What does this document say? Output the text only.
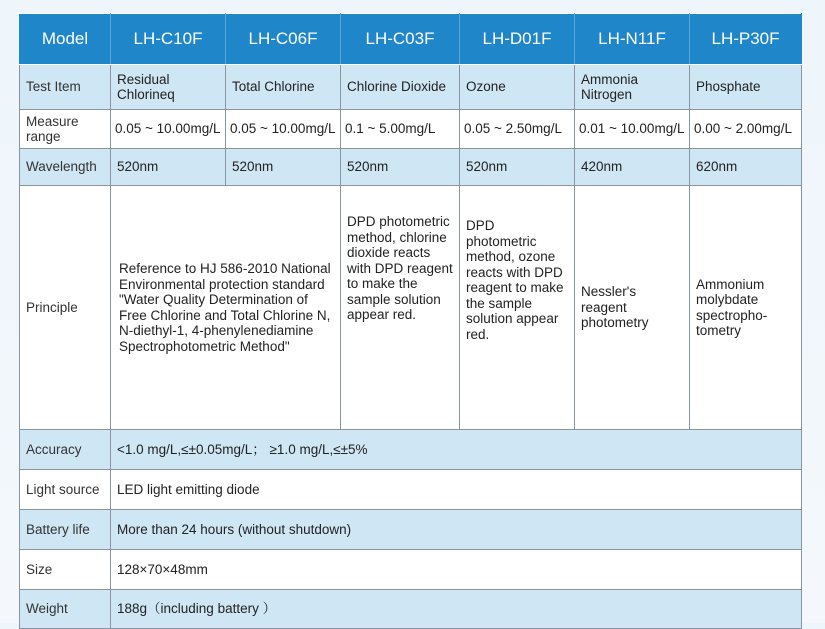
Model	LH-C10F	LH-C06F	LH-C03F	LH-D01F	LH-N11F	LH-P30F
Test Item	Residual Chlorineq	Total Chlorine	Chlorine Dioxide	Ozone	Ammonia Nitrogen	Phosphate
Measure range	0.05 ~ 10.00mg/L	0.05 ~ 10.00mg/L	0.1 ~ 5.00mg/L	0.05 ~ 2.50mg/L	0.01 ~ 10.00mg/L	0.00 ~ 2.00mg/L
Wavelength	520nm	520nm	520nm	520nm	420nm	620nm
Principle	Reference to HJ 586-2010 National Environmental protection standard "Water Quality Determination of Free Chlorine and Total Chlorine N, N-diethyl-1, 4-phenylenediamine Spectrophotometric Method"		DPD photometric method, chlorine dioxide reacts with DPD reagent to make the sample solution appear red.	DPD photometric method, ozone reacts with DPD reagent to make the sample solution appear red.	Nessler's reagent photometry	Ammonium molybdate spectropho-tometry
Accuracy	<1.0 mg/L,≤±0.05mg/L； ≥1.0 mg/L,≤±5%					
Light source	LED light emitting diode					
Battery life	More than 24 hours (without shutdown)					
Size	128×70×48mm					
Weight	188g（including battery ）					
